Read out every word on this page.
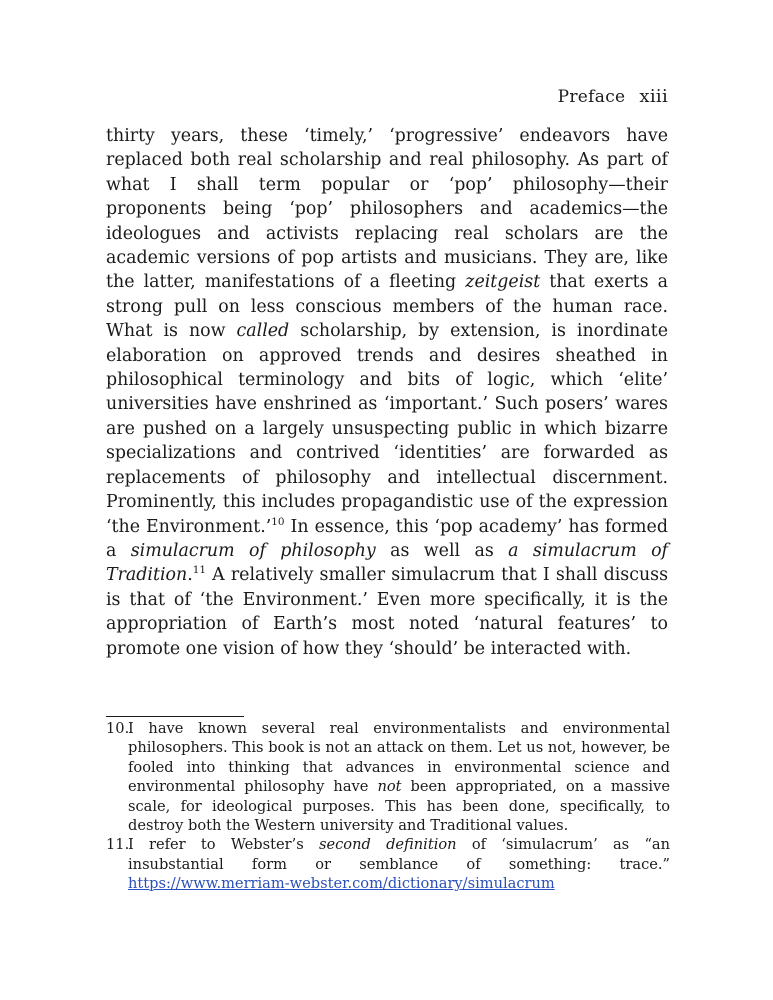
Preface xiii

thirty years, these ‘timely,’ ‘progressive’ endeavors have replaced both real scholarship and real philosophy. As part of what I shall term popular or ‘pop’ philosophy—their proponents being ‘pop’ philosophers and academics—the ideologues and activists replacing real scholars are the academic versions of pop artists and musicians. They are, like the latter, manifestations of a fleeting zeitgeist that exerts a strong pull on less conscious members of the human race. What is now called scholarship, by extension, is inordinate elaboration on approved trends and desires sheathed in philosophical terminology and bits of logic, which ‘elite’ universities have enshrined as ‘important.’ Such posers’ wares are pushed on a largely unsuspecting public in which bizarre specializations and contrived ‘identities’ are forwarded as replacements of philosophy and intellectual discernment. Prominently, this includes propagandistic use of the expression ‘the Environment.’$^{10}$ In essence, this ‘pop academy’ has formed a simulacrum of philosophy as well as a simulacrum of Tradition.$^{11}$ A relatively smaller simulacrum that I shall discuss is that of ‘the Environment.’ Even more specifically, it is the appropriation of Earth’s most noted ‘natural features’ to promote one vision of how they ‘should’ be interacted with.

10.
I have known several real environmentalists and environmental philosophers. This book is not an attack on them. Let us not, however, be fooled into thinking that advances in environmental science and environmental philosophy have not been appropriated, on a massive scale, for ideological purposes. This has been done, specifically, to destroy both the Western university and Traditional values.
11.
I refer to Webster’s second definition of ‘simulacrum’ as “an insubstantial form or semblance of something: trace.” https://www.merriam-webster.com/dictionary/simulacrum
